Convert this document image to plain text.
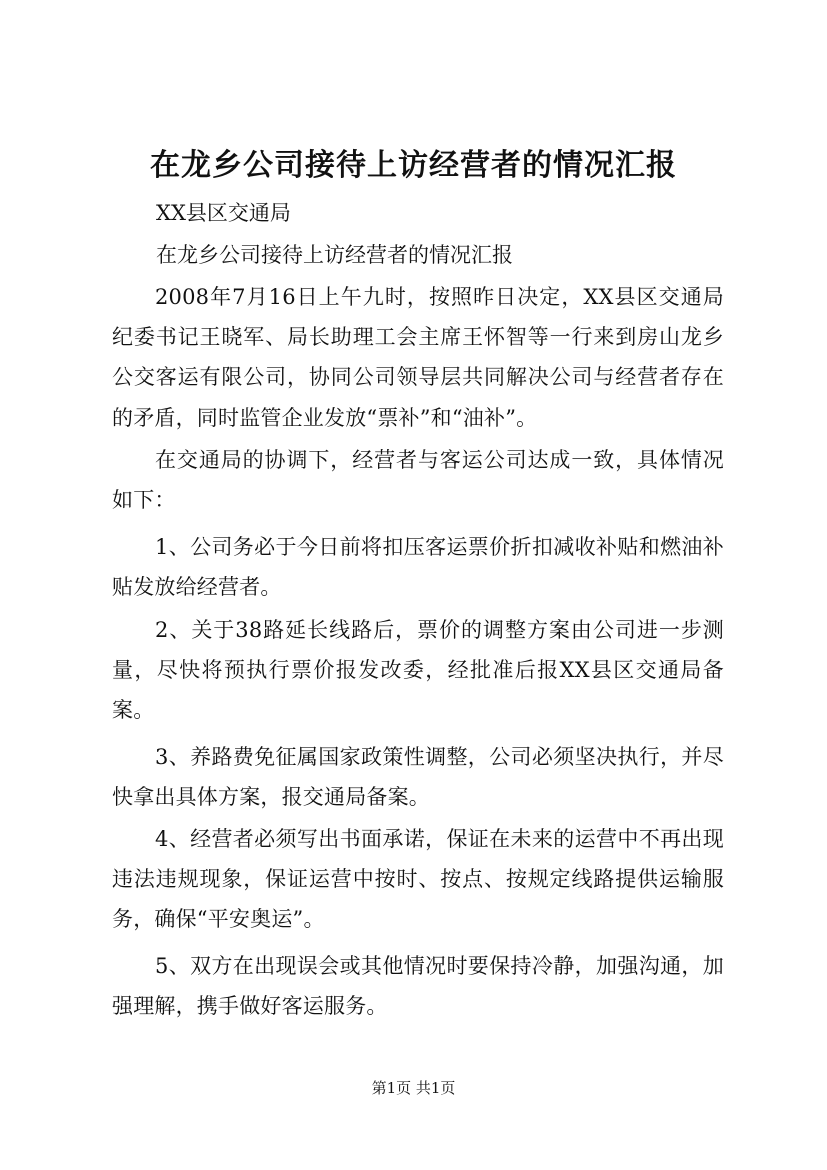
在龙乡公司接待上访经营者的情况汇报
XX县区交通局
在龙乡公司接待上访经营者的情况汇报

2008年7月16日上午九时，按照昨日决定，XX县区交通局纪委书记王晓军、局长助理工会主席王怀智等一行来到房山龙乡公交客运有限公司，协同公司领导层共同解决公司与经营者存在的矛盾，同时监管企业发放“票补”和“油补”。

在交通局的协调下，经营者与客运公司达成一致，具体情况如下：

1、公司务必于今日前将扣压客运票价折扣减收补贴和燃油补贴发放给经营者。

2、关于38路延长线路后，票价的调整方案由公司进一步测量，尽快将预执行票价报发改委，经批准后报XX县区交通局备案。

3、养路费免征属国家政策性调整，公司必须坚决执行，并尽快拿出具体方案，报交通局备案。

4、经营者必须写出书面承诺，保证在未来的运营中不再出现违法违规现象，保证运营中按时、按点、按规定线路提供运输服务，确保“平安奥运”。

5、双方在出现误会或其他情况时要保持冷静，加强沟通，加强理解，携手做好客运服务。

第1页 共1页
